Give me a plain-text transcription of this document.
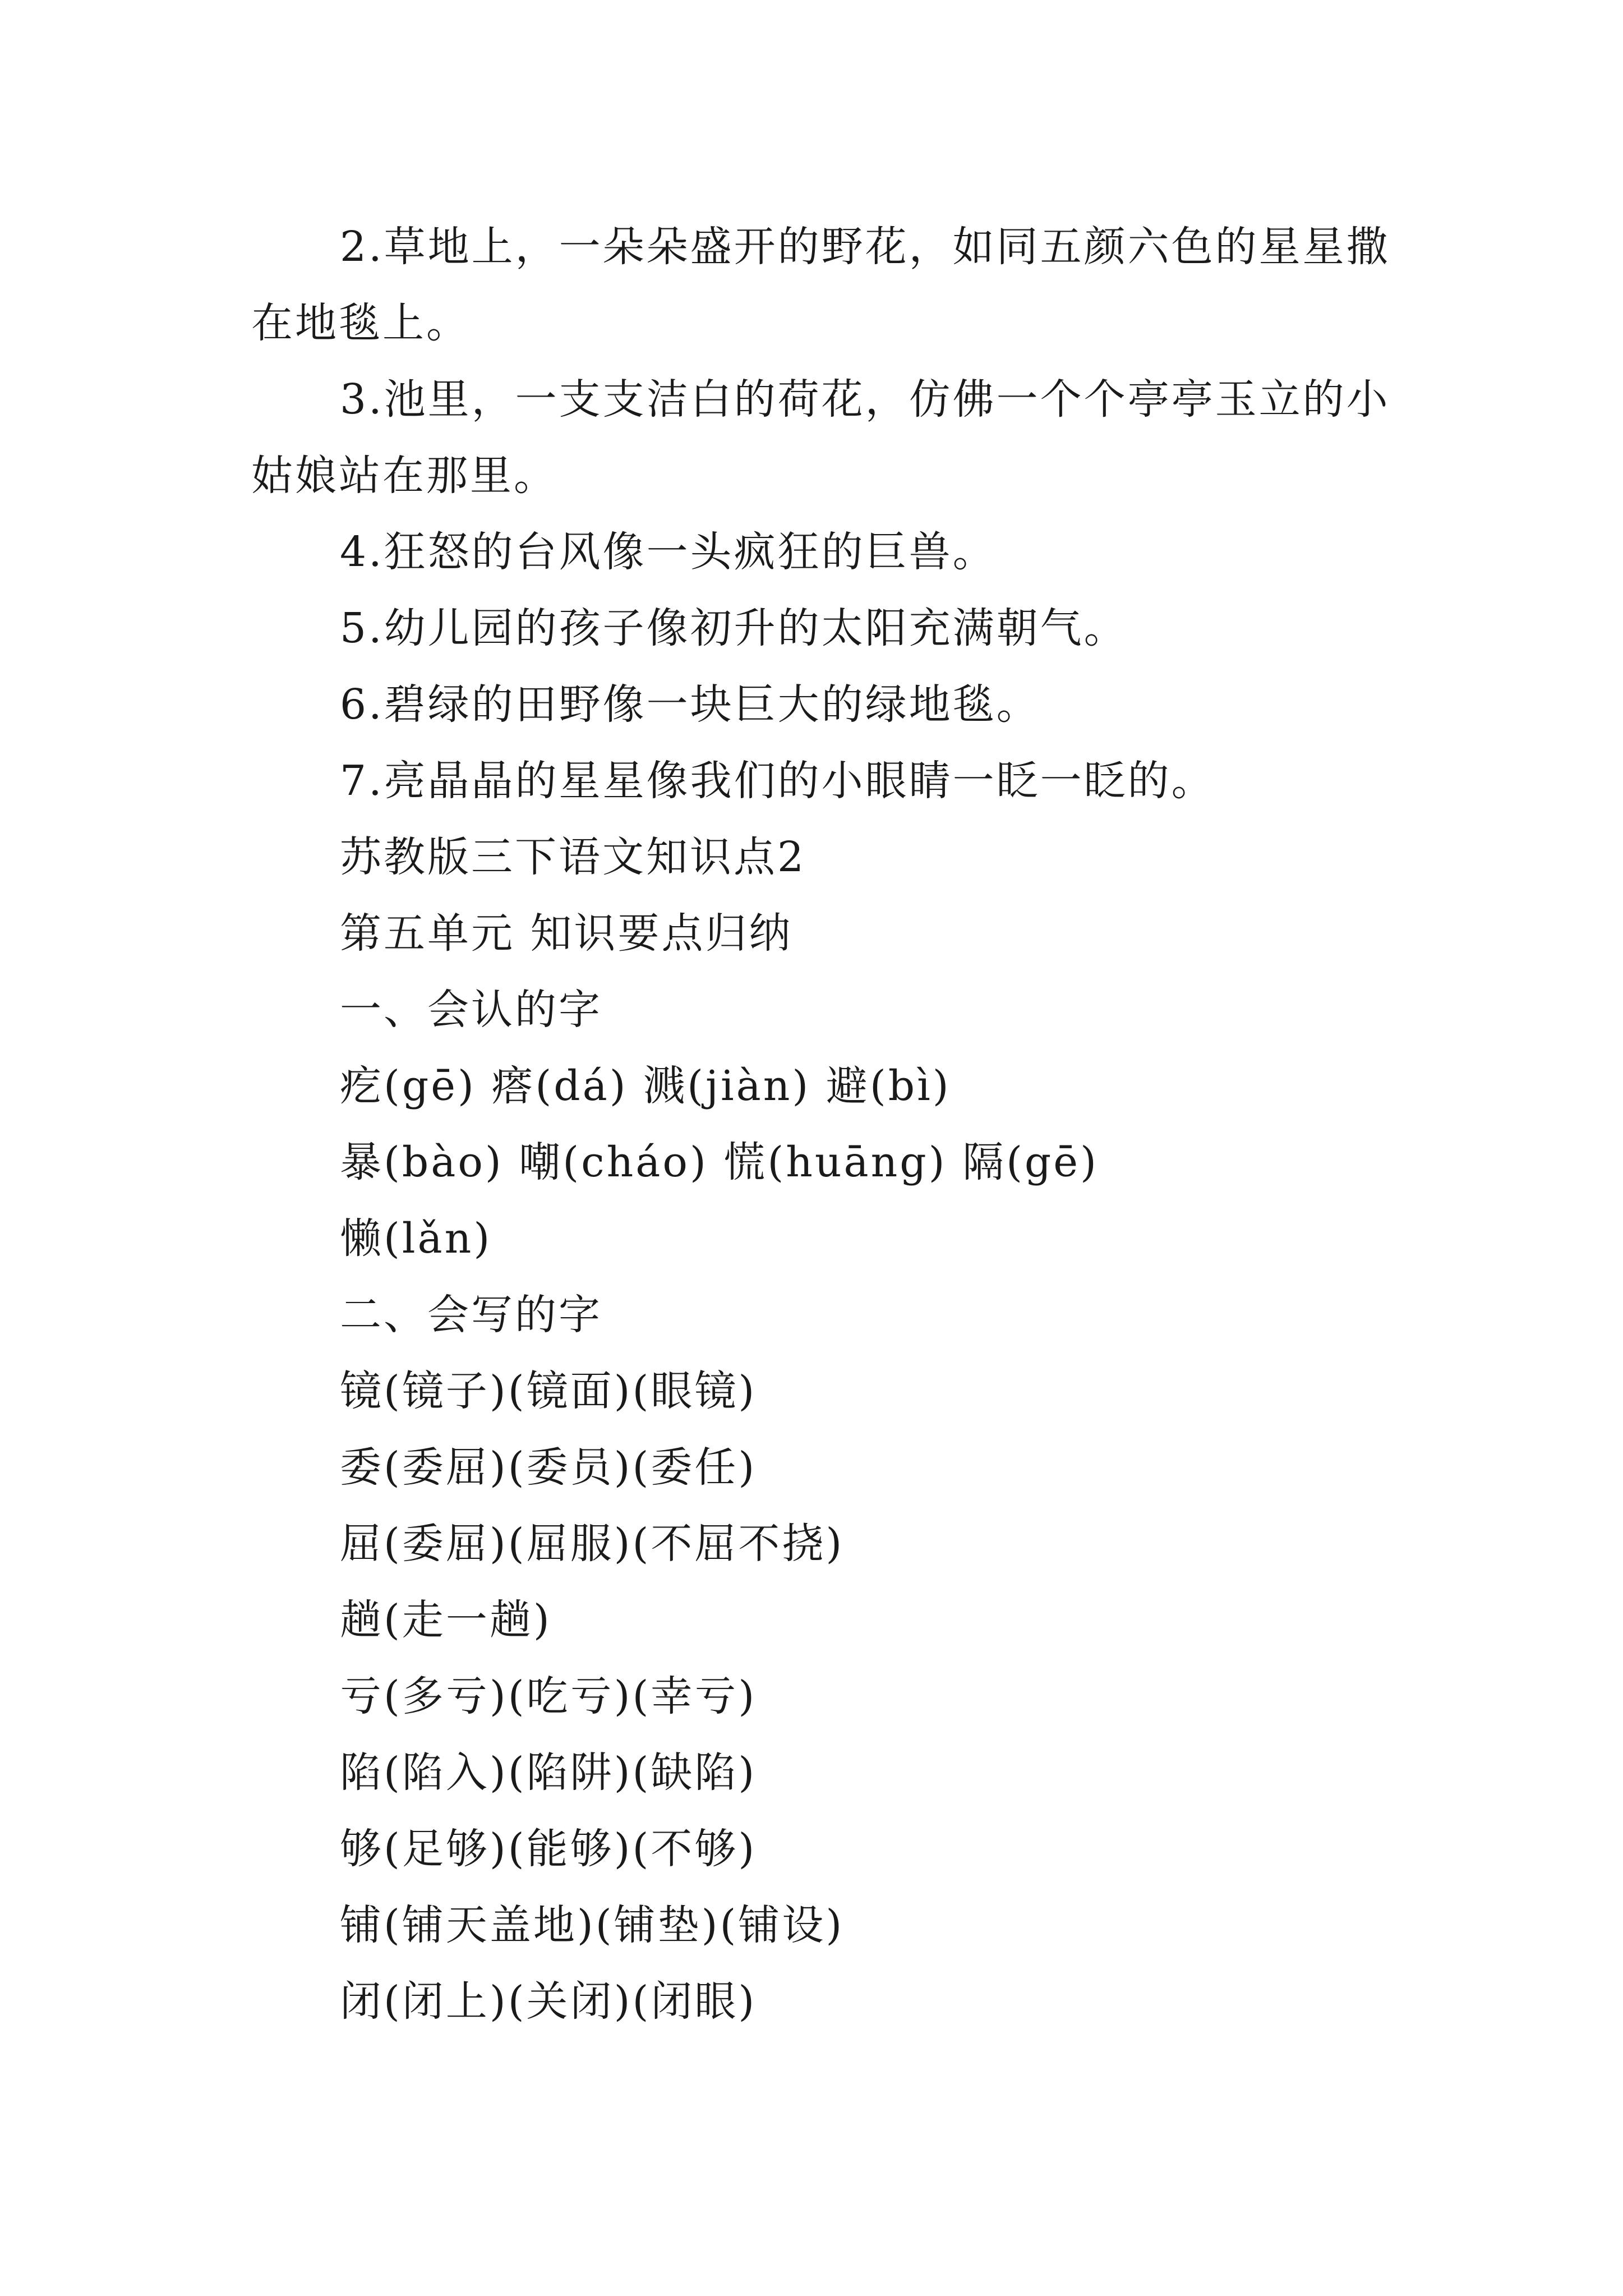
2.草地上，一朵朵盛开的野花，如同五颜六色的星星撒
在地毯上。
3.池里，一支支洁白的荷花，仿佛一个个亭亭玉立的小
姑娘站在那里。
4.狂怒的台风像一头疯狂的巨兽。
5.幼儿园的孩子像初升的太阳充满朝气。
6.碧绿的田野像一块巨大的绿地毯。
7.亮晶晶的星星像我们的小眼睛一眨一眨的。
苏教版三下语文知识点2
第五单元 知识要点归纳
一、会认的字
疙(gē) 瘩(dá) 溅(jiàn) 避(bì)
暴(bào) 嘲(cháo) 慌(huāng) 隔(gē)
懒(lǎn)
二、会写的字
镜(镜子)(镜面)(眼镜)
委(委屈)(委员)(委任)
屈(委屈)(屈服)(不屈不挠)
趟(走一趟)
亏(多亏)(吃亏)(幸亏)
陷(陷入)(陷阱)(缺陷)
够(足够)(能够)(不够)
铺(铺天盖地)(铺垫)(铺设)
闭(闭上)(关闭)(闭眼)
